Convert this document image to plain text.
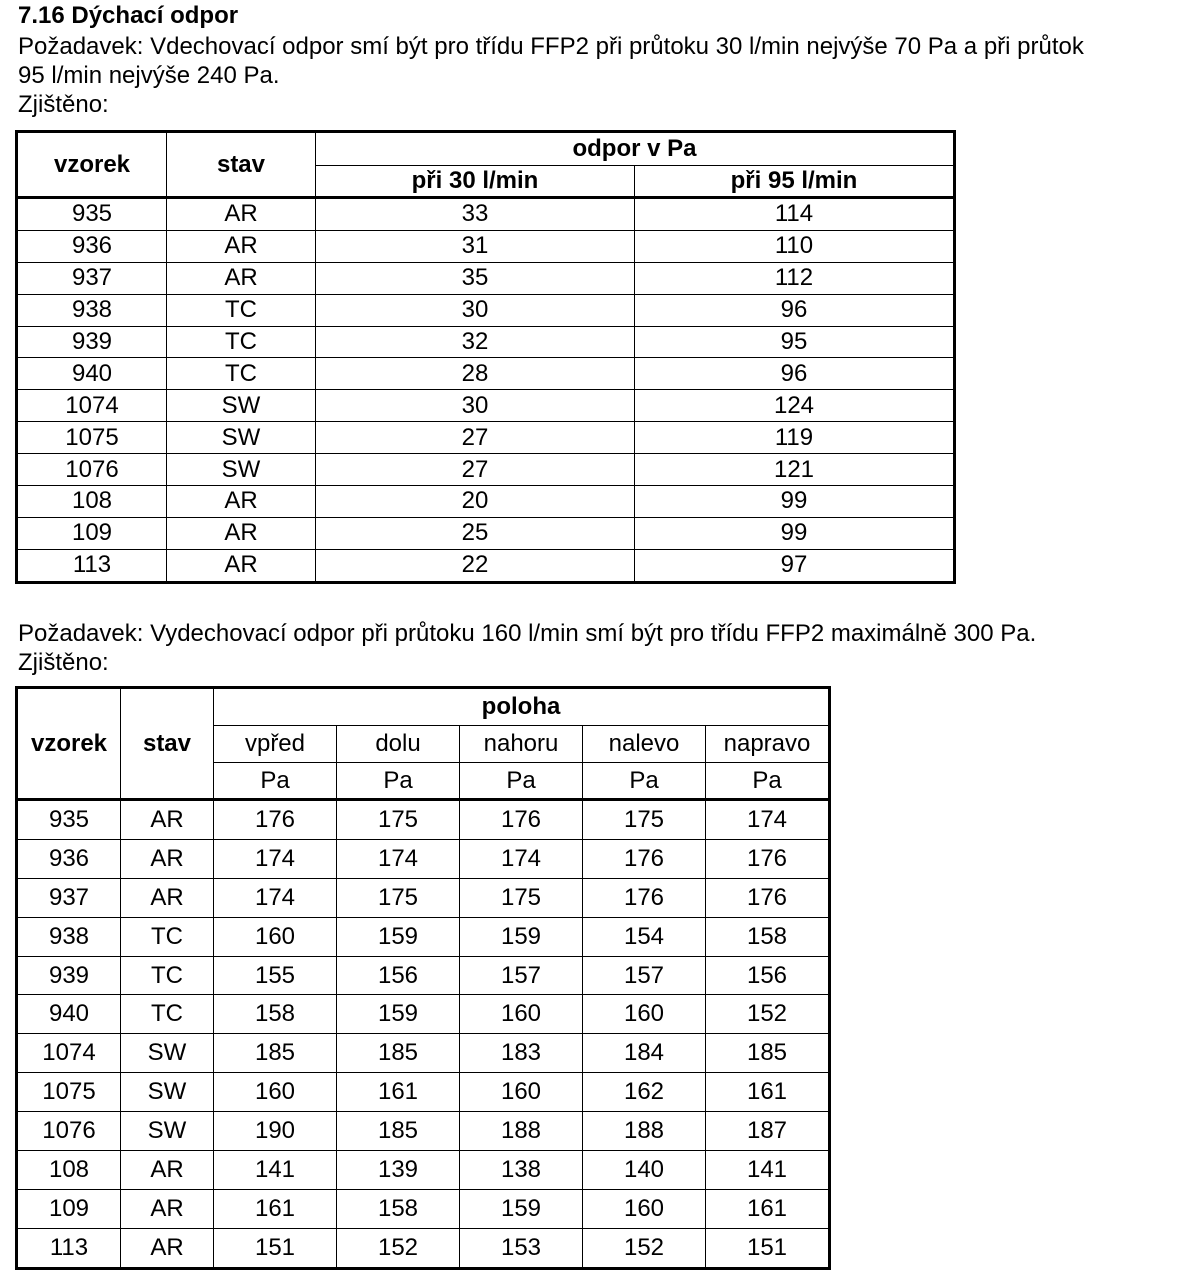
7.16 Dýchací odpor
Požadavek: Vdechovací odpor smí být pro třídu FFP2 při průtoku 30 l/min nejvýše 70 Pa a při průtok
95 l/min nejvýše 240 Pa.
Zjištěno:
vzorek	stav	odpor v Pa	
		při 30 l/min	při 95 l/min
935	AR	33	114
936	AR	31	110
937	AR	35	112
938	TC	30	96
939	TC	32	95
940	TC	28	96
1074	SW	30	124
1075	SW	27	119
1076	SW	27	121
108	AR	20	99
109	AR	25	99
113	AR	22	97
Požadavek: Vydechovací odpor při průtoku 160 l/min smí být pro třídu FFP2 maximálně 300 Pa.
Zjištěno:
vzorek	stav	poloha				
		vpřed	dolu	nahoru	nalevo	napravo
		Pa	Pa	Pa	Pa	Pa
935	AR	176	175	176	175	174
936	AR	174	174	174	176	176
937	AR	174	175	175	176	176
938	TC	160	159	159	154	158
939	TC	155	156	157	157	156
940	TC	158	159	160	160	152
1074	SW	185	185	183	184	185
1075	SW	160	161	160	162	161
1076	SW	190	185	188	188	187
108	AR	141	139	138	140	141
109	AR	161	158	159	160	161
113	AR	151	152	153	152	151
